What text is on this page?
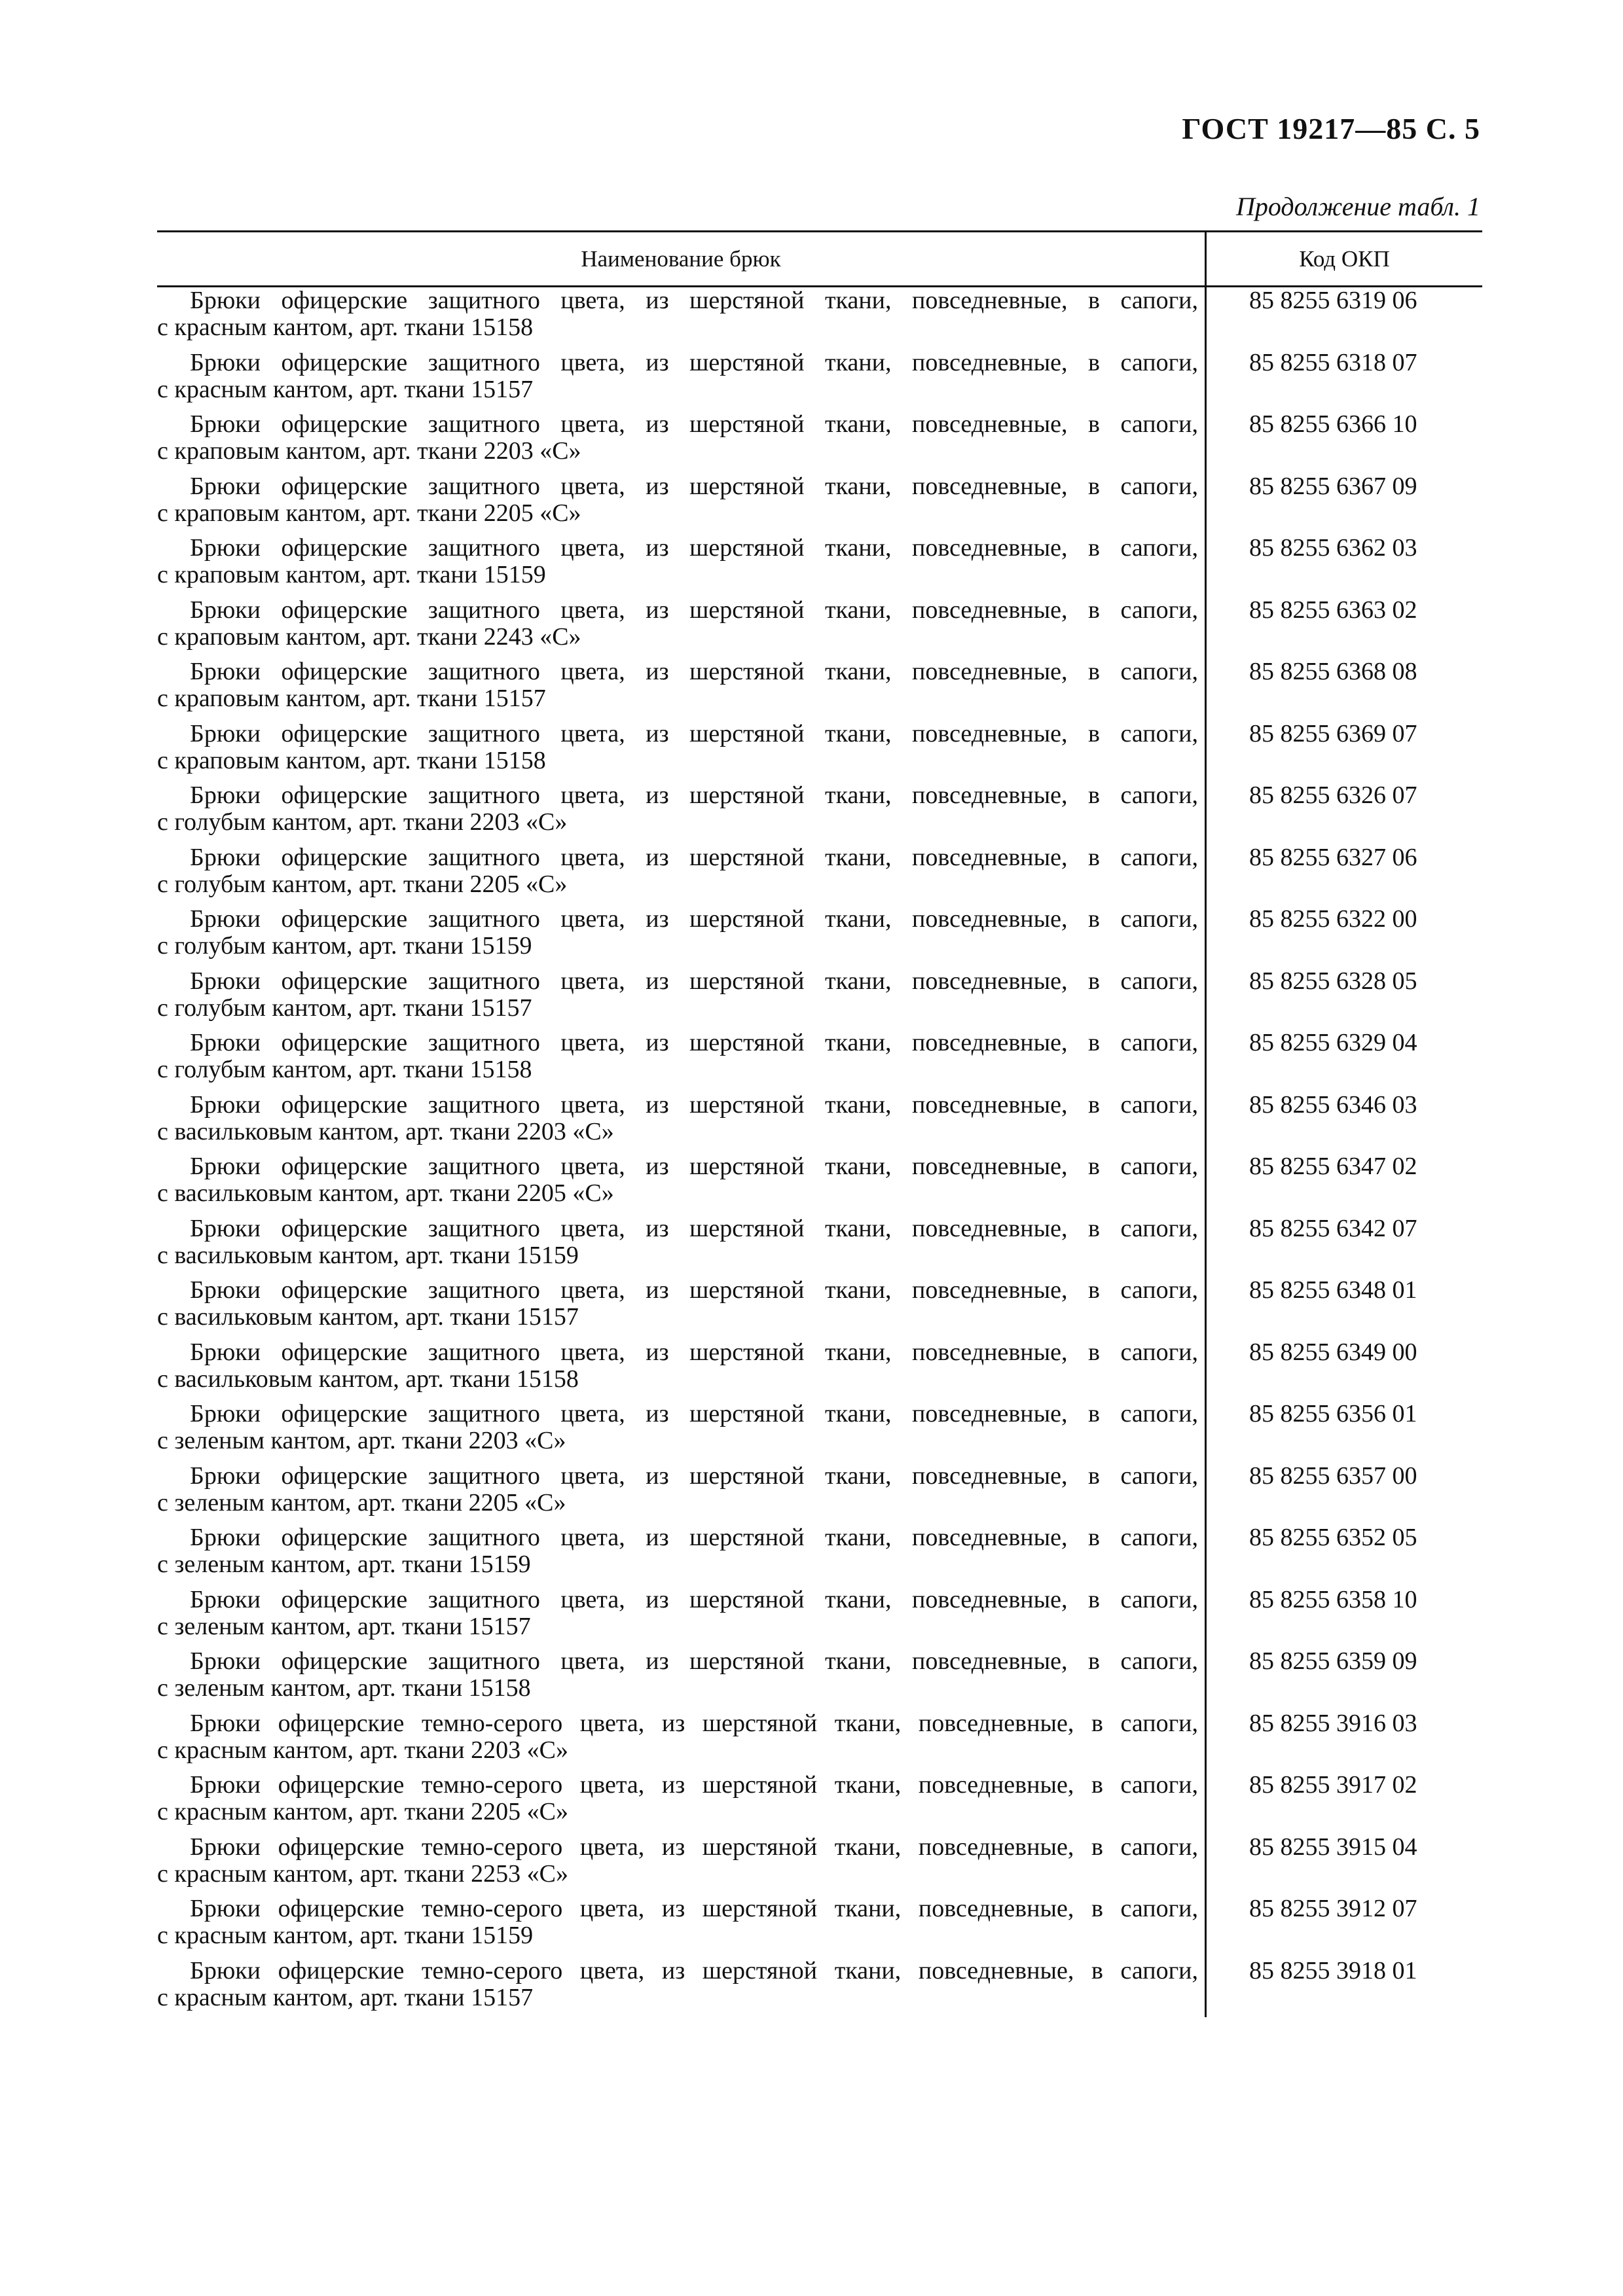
ГОСТ 19217—85 С. 5
Продолжение табл. 1
Наименование брюк	Код ОКП
Брюки офицерские защитного цвета, из шерстяной ткани, повседневные, в сапоги,
с красным кантом, арт. ткани 15158
85 8255 6319 06
Брюки офицерские защитного цвета, из шерстяной ткани, повседневные, в сапоги,
с красным кантом, арт. ткани 15157
85 8255 6318 07
Брюки офицерские защитного цвета, из шерстяной ткани, повседневные, в сапоги,
с краповым кантом, арт. ткани 2203 «С»
85 8255 6366 10
Брюки офицерские защитного цвета, из шерстяной ткани, повседневные, в сапоги,
с краповым кантом, арт. ткани 2205 «С»
85 8255 6367 09
Брюки офицерские защитного цвета, из шерстяной ткани, повседневные, в сапоги,
с краповым кантом, арт. ткани 15159
85 8255 6362 03
Брюки офицерские защитного цвета, из шерстяной ткани, повседневные, в сапоги,
с краповым кантом, арт. ткани 2243 «С»
85 8255 6363 02
Брюки офицерские защитного цвета, из шерстяной ткани, повседневные, в сапоги,
с краповым кантом, арт. ткани 15157
85 8255 6368 08
Брюки офицерские защитного цвета, из шерстяной ткани, повседневные, в сапоги,
с краповым кантом, арт. ткани 15158
85 8255 6369 07
Брюки офицерские защитного цвета, из шерстяной ткани, повседневные, в сапоги,
с голубым кантом, арт. ткани 2203 «С»
85 8255 6326 07
Брюки офицерские защитного цвета, из шерстяной ткани, повседневные, в сапоги,
с голубым кантом, арт. ткани 2205 «С»
85 8255 6327 06
Брюки офицерские защитного цвета, из шерстяной ткани, повседневные, в сапоги,
с голубым кантом, арт. ткани 15159
85 8255 6322 00
Брюки офицерские защитного цвета, из шерстяной ткани, повседневные, в сапоги,
с голубым кантом, арт. ткани 15157
85 8255 6328 05
Брюки офицерские защитного цвета, из шерстяной ткани, повседневные, в сапоги,
с голубым кантом, арт. ткани 15158
85 8255 6329 04
Брюки офицерские защитного цвета, из шерстяной ткани, повседневные, в сапоги,
с васильковым кантом, арт. ткани 2203 «С»
85 8255 6346 03
Брюки офицерские защитного цвета, из шерстяной ткани, повседневные, в сапоги,
с васильковым кантом, арт. ткани 2205 «С»
85 8255 6347 02
Брюки офицерские защитного цвета, из шерстяной ткани, повседневные, в сапоги,
с васильковым кантом, арт. ткани 15159
85 8255 6342 07
Брюки офицерские защитного цвета, из шерстяной ткани, повседневные, в сапоги,
с васильковым кантом, арт. ткани 15157
85 8255 6348 01
Брюки офицерские защитного цвета, из шерстяной ткани, повседневные, в сапоги,
с васильковым кантом, арт. ткани 15158
85 8255 6349 00
Брюки офицерские защитного цвета, из шерстяной ткани, повседневные, в сапоги,
с зеленым кантом, арт. ткани 2203 «С»
85 8255 6356 01
Брюки офицерские защитного цвета, из шерстяной ткани, повседневные, в сапоги,
с зеленым кантом, арт. ткани 2205 «С»
85 8255 6357 00
Брюки офицерские защитного цвета, из шерстяной ткани, повседневные, в сапоги,
с зеленым кантом, арт. ткани 15159
85 8255 6352 05
Брюки офицерские защитного цвета, из шерстяной ткани, повседневные, в сапоги,
с зеленым кантом, арт. ткани 15157
85 8255 6358 10
Брюки офицерские защитного цвета, из шерстяной ткани, повседневные, в сапоги,
с зеленым кантом, арт. ткани 15158
85 8255 6359 09
Брюки офицерские темно-серого цвета, из шерстяной ткани, повседневные, в сапоги,
с красным кантом, арт. ткани 2203 «С»
85 8255 3916 03
Брюки офицерские темно-серого цвета, из шерстяной ткани, повседневные, в сапоги,
с красным кантом, арт. ткани 2205 «С»
85 8255 3917 02
Брюки офицерские темно-серого цвета, из шерстяной ткани, повседневные, в сапоги,
с красным кантом, арт. ткани 2253 «С»
85 8255 3915 04
Брюки офицерские темно-серого цвета, из шерстяной ткани, повседневные, в сапоги,
с красным кантом, арт. ткани 15159
85 8255 3912 07
Брюки офицерские темно-серого цвета, из шерстяной ткани, повседневные, в сапоги,
с красным кантом, арт. ткани 15157
85 8255 3918 01
